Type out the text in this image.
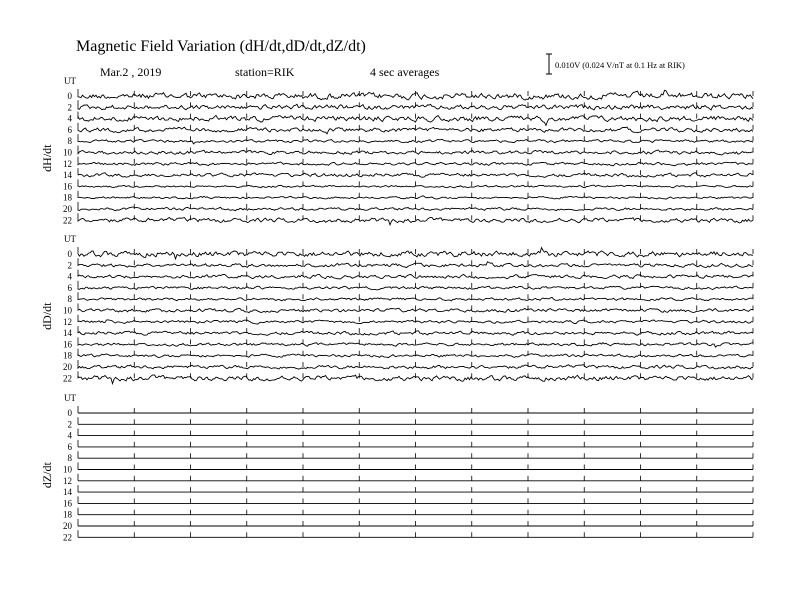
Magnetic Field Variation (dH/dt,dD/dt,dZ/dt)
Mar.2 , 2019	station=RIK	4 sec averages	0.010V (0.024 V/nT at 0.1 Hz at RIK)
UT
dH/dt
0
2
4
6
8
10
12
14
16
18
20
22
UT
dD/dt
0
2
4
6
8
10
12
14
16
18
20
22
UT
dZ/dt
0
2
4
6
8
10
12
14
16
18
20
22
